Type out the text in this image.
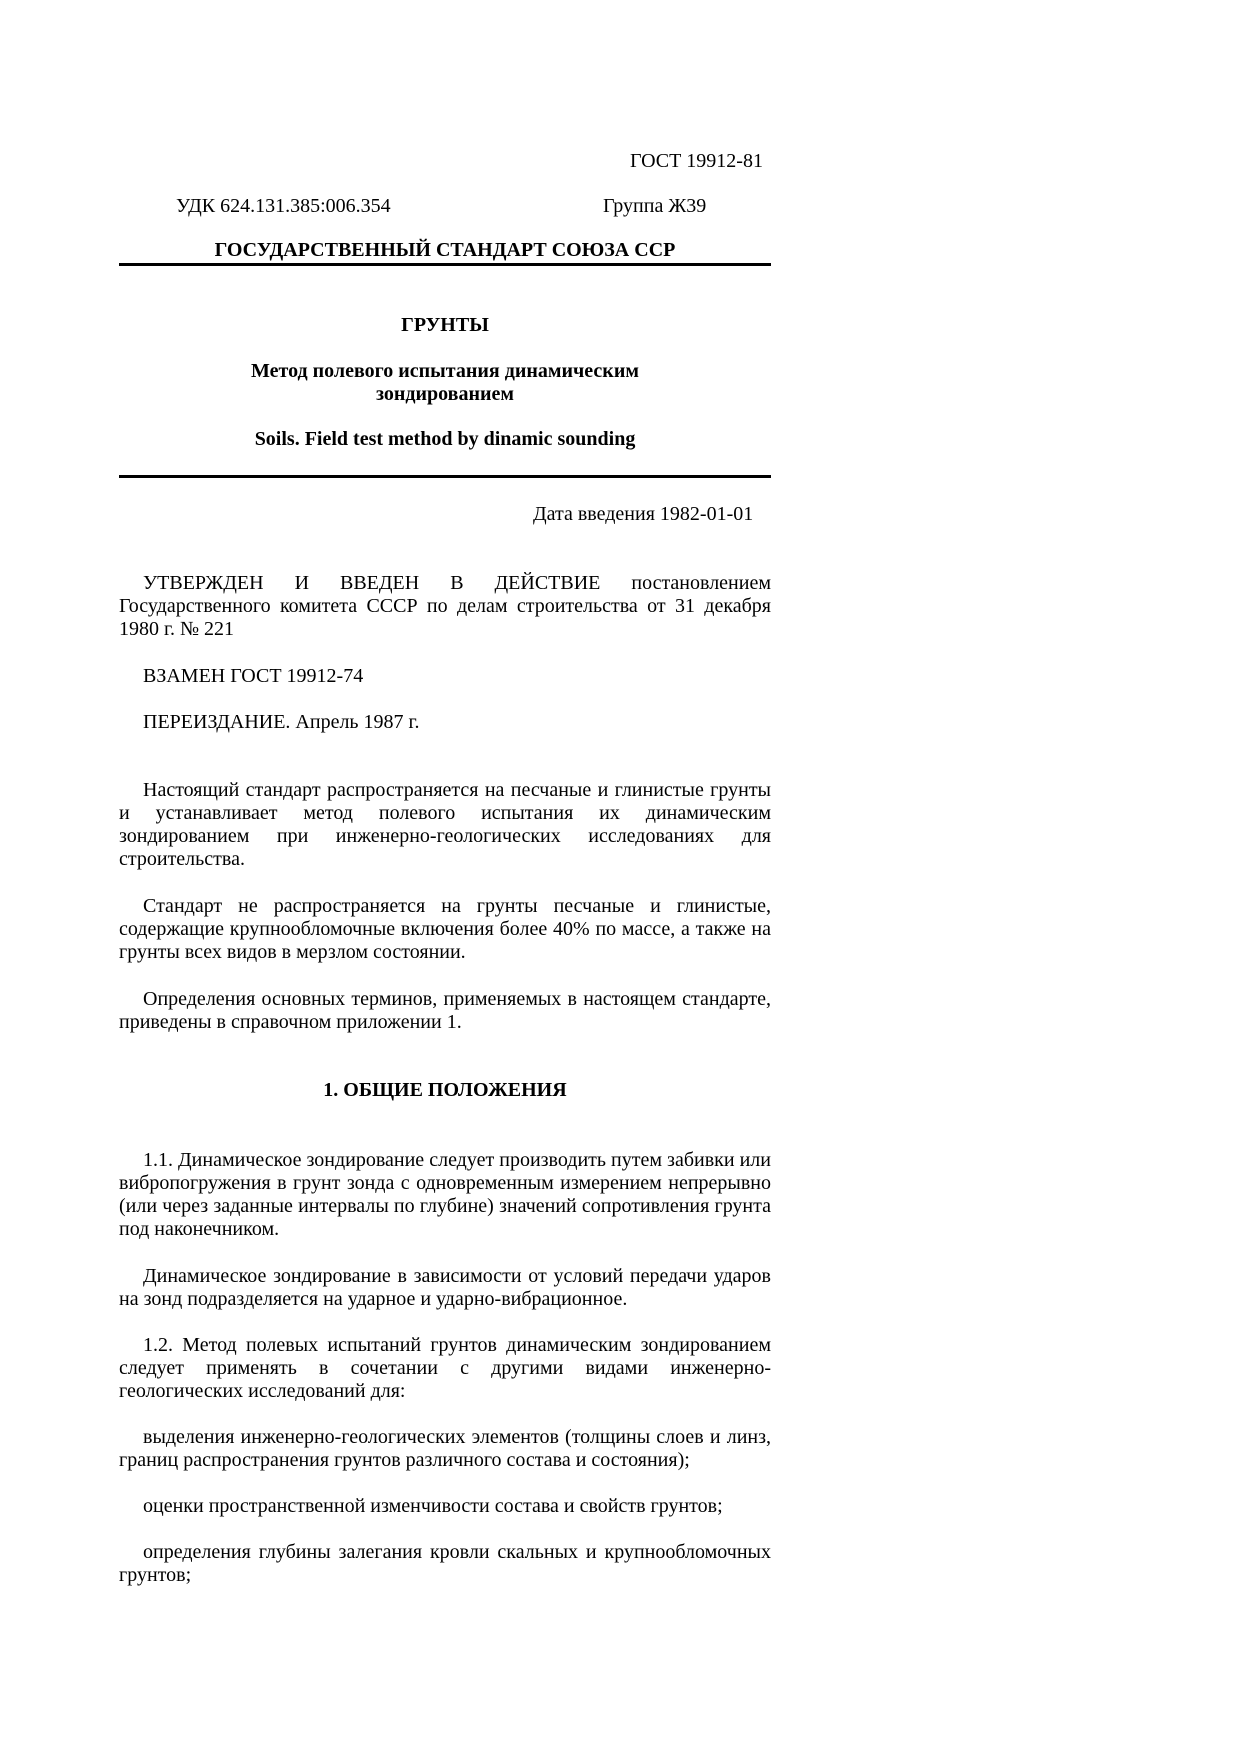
ГОСТ 19912-81
УДК 624.131.385:006.354	Группа Ж39
ГОСУДАРСТВЕННЫЙ СТАНДАРТ СОЮЗА ССР
ГРУНТЫ
Метод полевого испытания динамическим
зондированием
Soils. Field test method by dinamic sounding
Дата введения 1982-01-01

УТВЕРЖДЕН И ВВЕДЕН В ДЕЙСТВИЕ постановлением Государственного комитета СССР по делам строительства от 31 декабря 1980 г. № 221

ВЗАМЕН ГОСТ 19912-74

ПЕРЕИЗДАНИЕ. Апрель 1987 г.

Настоящий стандарт распространяется на песчаные и глинистые грунты и устанавливает метод полевого испытания их динамическим зондированием при инженерно-геологических исследованиях для строительства.

Стандарт не распространяется на грунты песчаные и глинистые, содержащие крупнообломочные включения более 40% по массе, а также на грунты всех видов в мерзлом состоянии.

Определения основных терминов, применяемых в настоящем стандарте, приведены в справочном приложении 1.

1. ОБЩИЕ ПОЛОЖЕНИЯ

1.1. Динамическое зондирование следует производить путем забивки или вибропогружения в грунт зонда с одновременным измерением непрерывно (или через заданные интервалы по глубине) значений сопротивления грунта под наконечником.

Динамическое зондирование в зависимости от условий передачи ударов на зонд подразделяется на ударное и ударно-вибрационное.

1.2. Метод полевых испытаний грунтов динамическим зондированием следует применять в сочетании с другими видами инженерно-геологических исследований для:

выделения инженерно-геологических элементов (толщины слоев и линз, границ распространения грунтов различного состава и состояния);

оценки пространственной изменчивости состава и свойств грунтов;

определения глубины залегания кровли скальных и крупнообломочных грунтов;
